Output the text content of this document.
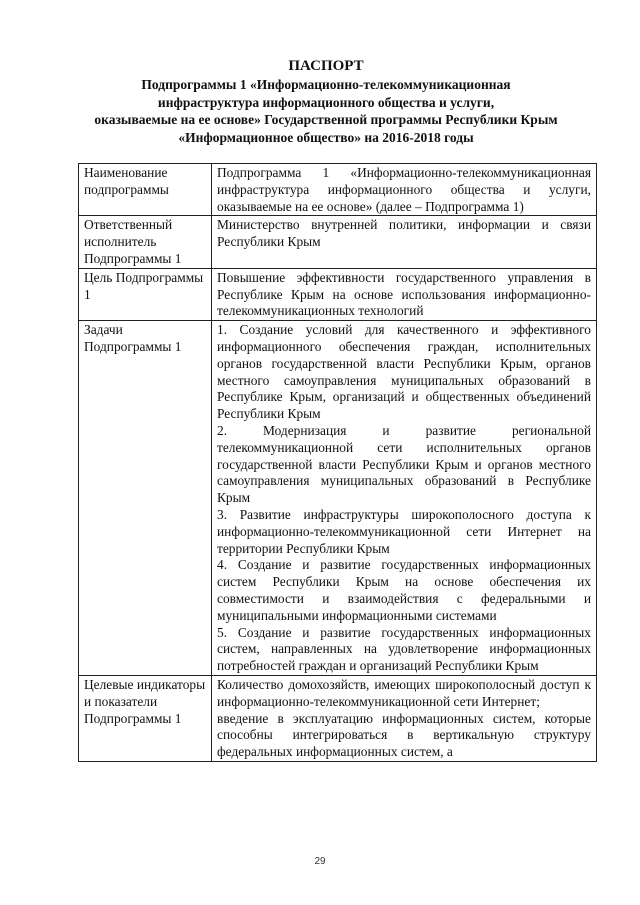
ПАСПОРТ
Подпрограммы 1 «Информационно-телекоммуникационная
инфраструктура информационного общества и услуги,
оказываемые на ее основе» Государственной программы Республики Крым
«Информационное общество» на 2016-2018 годы
Наименование подпрограммы	Подпрограмма 1 «Информационно-телекоммуникационная инфраструктура информационного общества и услуги, оказываемые на ее основе» (далее – Подпрограмма 1)

Ответственный исполнитель Подпрограммы 1	Министерство внутренней политики, информации и связи Республики Крым

Цель Подпрограммы 1	Повышение эффективности государственного управления в Республике Крым на основе использования информационно-телекоммуникационных технологий

Задачи Подпрограммы 1	1. Создание условий для качественного и эффективного информационного обеспечения граждан, исполнительных органов государственной власти Республики Крым, органов местного самоуправления муниципальных образований в Республике Крым, организаций и общественных объединений Республики Крым
2. Модернизация и развитие региональной телекоммуникационной сети исполнительных органов государственной власти Республики Крым и органов местного самоуправления муниципальных образований в Республике Крым
3. Развитие инфраструктуры широкополосного доступа к информационно-телекоммуникационной сети Интернет на территории Республики Крым
4. Создание и развитие государственных информационных систем Республики Крым на основе обеспечения их совместимости и взаимодействия с федеральными и муниципальными информационными системами
5. Создание и развитие государственных информационных систем, направленных на удовлетворение информационных потребностей граждан и организаций Республики Крым

Целевые индикаторы и показатели Подпрограммы 1	Количество домохозяйств, имеющих широкополосный доступ к информационно-телекоммуникационной сети Интернет;
введение в эксплуатацию информационных систем, которые способны интегрироваться в вертикальную структуру федеральных информационных систем, а
29
